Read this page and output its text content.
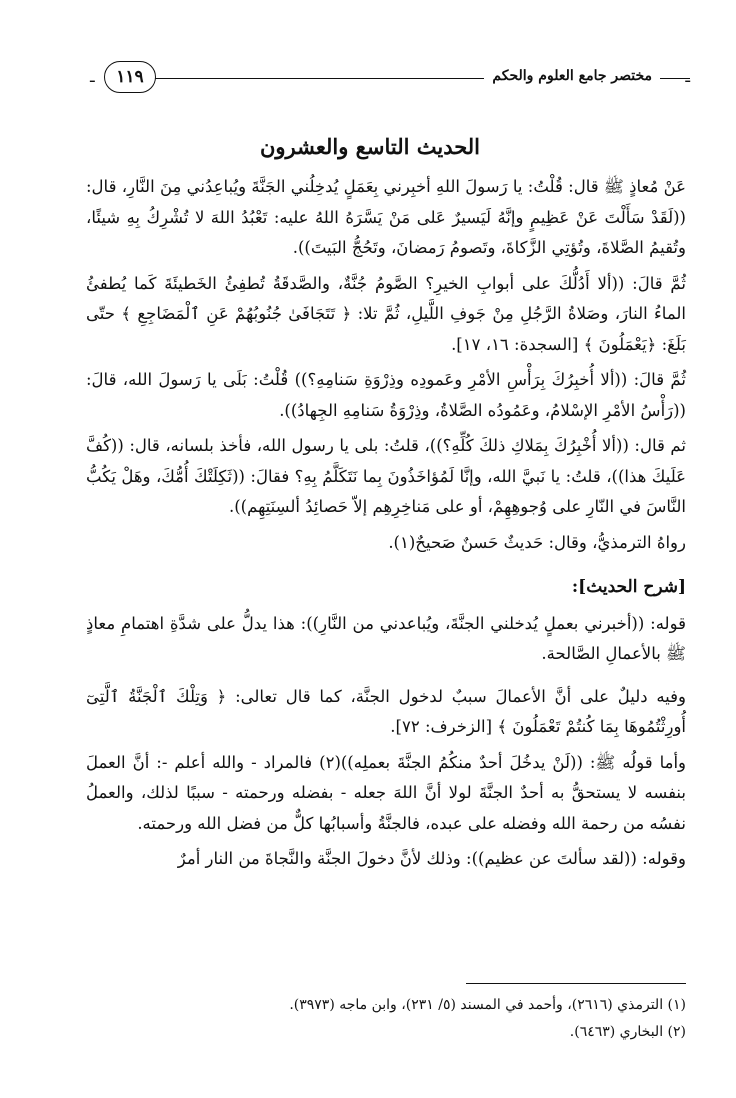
ـ
مختصر جامع العلوم والحكم
ـ	١١٩
الحديث التاسع والعشرون

عَنْ مُعاذٍ ﷺ قال: قُلْتُ: يا رَسولَ اللهِ أخبِرني بِعَمَلٍ يُدخِلُني الجَنَّةَ ويُباعِدُني مِنَ النَّارِ، قال: ((لَقَدْ سَأَلْتَ عَنْ عَظِيمٍ وإنَّهُ لَيَسيرٌ عَلى مَنْ يَسَّرَهُ اللهُ عليه: تَعْبُدُ اللهَ لا تُشْرِكُ بِهِ شيئًا، وتُقيمُ الصَّلاةَ، وتُؤتِي الزَّكاةَ، وتَصومُ رَمضانَ، وتَحُجُّ البَيتَ)).

ثُمَّ قالَ: ((ألا أَدُلُّكَ على أبوابِ الخيرِ؟ الصَّومُ جُنَّةٌ، والصَّدقَةُ تُطفِئُ الخَطيئَةَ كَما يُطفئُ الماءُ النارَ، وصَلاةُ الرَّجُلِ مِنْ جَوفِ اللَّيلِ، ثُمَّ تلا: ﴿ تَتَجَافَىٰ جُنُوبُهُمْ عَنِ ٱلْمَضَاجِعِ ﴾ حتّى بَلَغَ: ﴿يَعْمَلُونَ ﴾ [السجدة: ١٦، ١٧].

ثُمَّ قالَ: ((ألا أُخبِرُكَ بِرَأْسِ الأمْرِ وعَمودِه وذِرْوَةِ سَنامِهِ؟)) قُلْتُ: بَلَى يا رَسولَ الله، قالَ: ((رَأْسُ الأمْرِ الإسْلامُ، وعَمُودُه الصَّلاةُ، وذِرْوَةُ سَنامِهِ الجِهادُ)).

ثم قال: ((ألا أُخْبِرُكَ بِمَلاكِ ذلكَ كُلِّهِ؟))، قلتُ: بلى يا رسول الله، فأخذ بلسانه، قال: ((كُفَّ عَلَيكَ هذا))، قلتُ: يا نَبيَّ الله، وإنَّا لَمُؤاخَذُونَ بِما نَتَكَلَّمُ بِهِ؟ فقالَ: ((ثَكِلَتْكَ أُمُّكَ، وهَلْ يَكُبُّ النَّاسَ في النّارِ على وُجوهِهِمْ، أو على مَناخِرِهِم إلاّ حَصائِدُ ألسِنَتِهِم)).

رواهُ الترمذيُّ، وقال: حَديثٌ حَسنٌ صَحيحٌ(١).

[شرح الحديث]:

قوله: ((أخبرني بعملٍ يُدخلني الجنَّةَ، ويُباعدني من النَّارِ)): هذا يدلُّ على شدَّةِ اهتمامِ معاذٍ ﷺ بالأعمالِ الصَّالحة.

وفيه دليلٌ على أنَّ الأعمالَ سببٌ لدخول الجنَّة، كما قال تعالى: ﴿ وَتِلْكَ ٱلْجَنَّةُ ٱلَّتِىٓ أُورِثْتُمُوهَا بِمَا كُنتُمْ تَعْمَلُونَ ﴾ [الزخرف: ٧٢].

وأما قولُه ﷺ: ((لَنْ يدخُلَ أحدٌ منكُمُ الجنَّةَ بعملِه))(٢) فالمراد - والله أعلم -: أنَّ العملَ بنفسه لا يستحقُّ به أحدٌ الجنَّةَ لولا أنَّ اللهَ جعله - بفضله ورحمته - سببًا لذلك، والعملُ نفسُه من رحمة الله وفضله على عبده، فالجنَّةُ وأسبابُها كلٌّ من فضل الله ورحمته.

وقوله: ((لقد سألتَ عن عظيم)): وذلك لأنَّ دخولَ الجنَّة والنَّجاةَ من النار أمرٌ

(١) الترمذي (٢٦١٦)، وأحمد في المسند (٥/ ٢٣١)، وابن ماجه (٣٩٧٣).
(٢) البخاري (٦٤٦٣).
